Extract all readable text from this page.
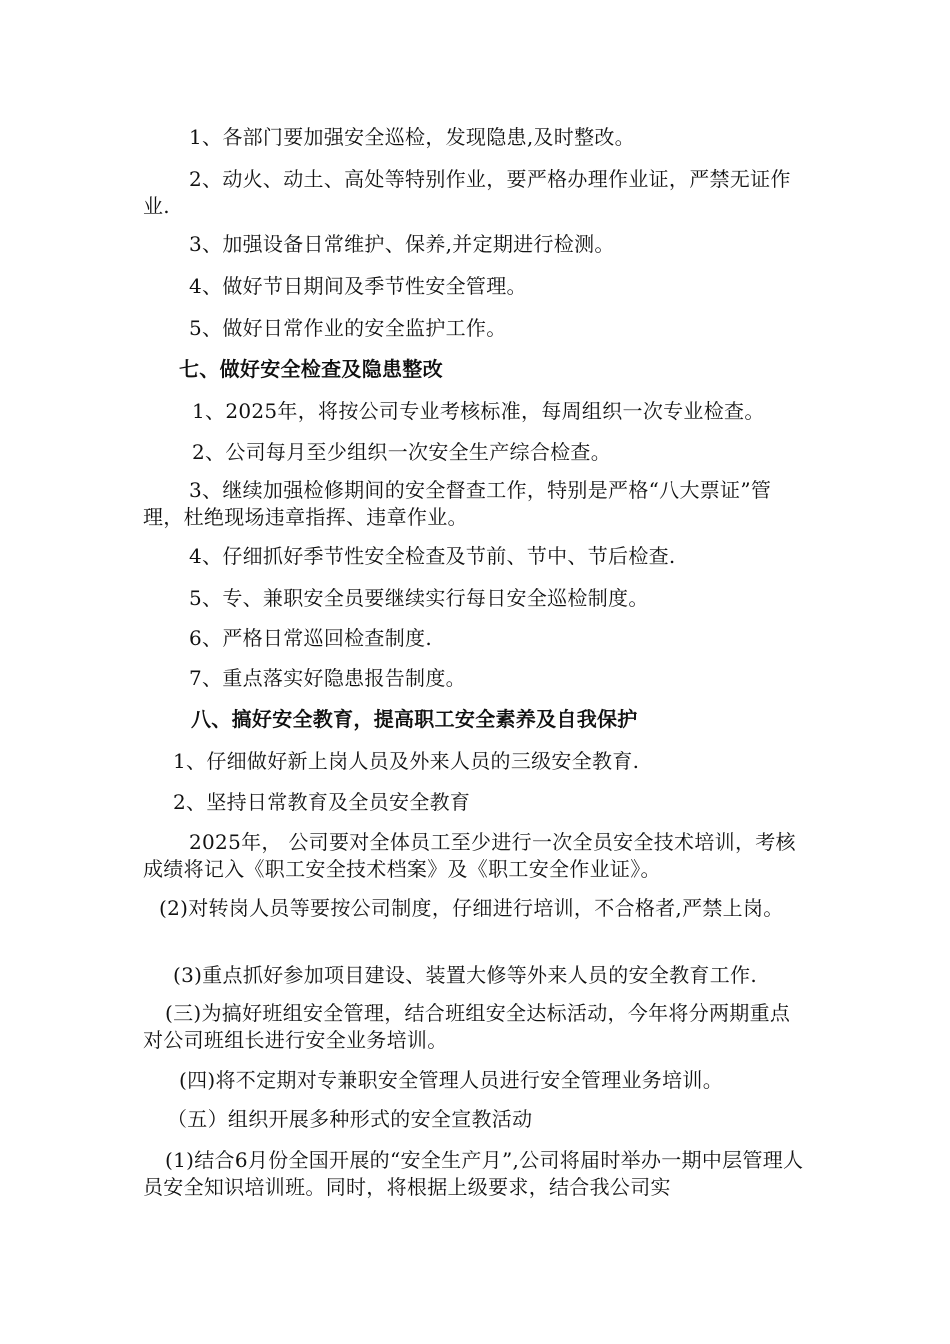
1、各部门要加强安全巡检，发现隐患,及时整改。
2、动火、动土、高处等特别作业，要严格办理作业证，严禁无证作业.
3、加强设备日常维护、保养,并定期进行检测。
4、做好节日期间及季节性安全管理。
5、做好日常作业的安全监护工作。
七、做好安全检查及隐患整改
1、2025年，将按公司专业考核标准，每周组织一次专业检查。
2、公司每月至少组织一次安全生产综合检查。
3、继续加强检修期间的安全督查工作，特别是严格“八大票证”管理，杜绝现场违章指挥、违章作业。
4、仔细抓好季节性安全检查及节前、节中、节后检查.
5、专、兼职安全员要继续实行每日安全巡检制度。
6、严格日常巡回检查制度.
7、重点落实好隐患报告制度。
八、搞好安全教育，提高职工安全素养及自我保护
1、仔细做好新上岗人员及外来人员的三级安全教育.
2、坚持日常教育及全员安全教育
2025年， 公司要对全体员工至少进行一次全员安全技术培训，考核成绩将记入《职工安全技术档案》及《职工安全作业证》。
(2)对转岗人员等要按公司制度，仔细进行培训，不合格者,严禁上岗。
(3)重点抓好参加项目建设、装置大修等外来人员的安全教育工作.
(三)为搞好班组安全管理，结合班组安全达标活动，今年将分两期重点对公司班组长进行安全业务培训。
(四)将不定期对专兼职安全管理人员进行安全管理业务培训。
（五）组织开展多种形式的安全宣教活动
(1)结合6月份全国开展的“安全生产月”,公司将届时举办一期中层管理人员安全知识培训班。同时，将根据上级要求，结合我公司实
